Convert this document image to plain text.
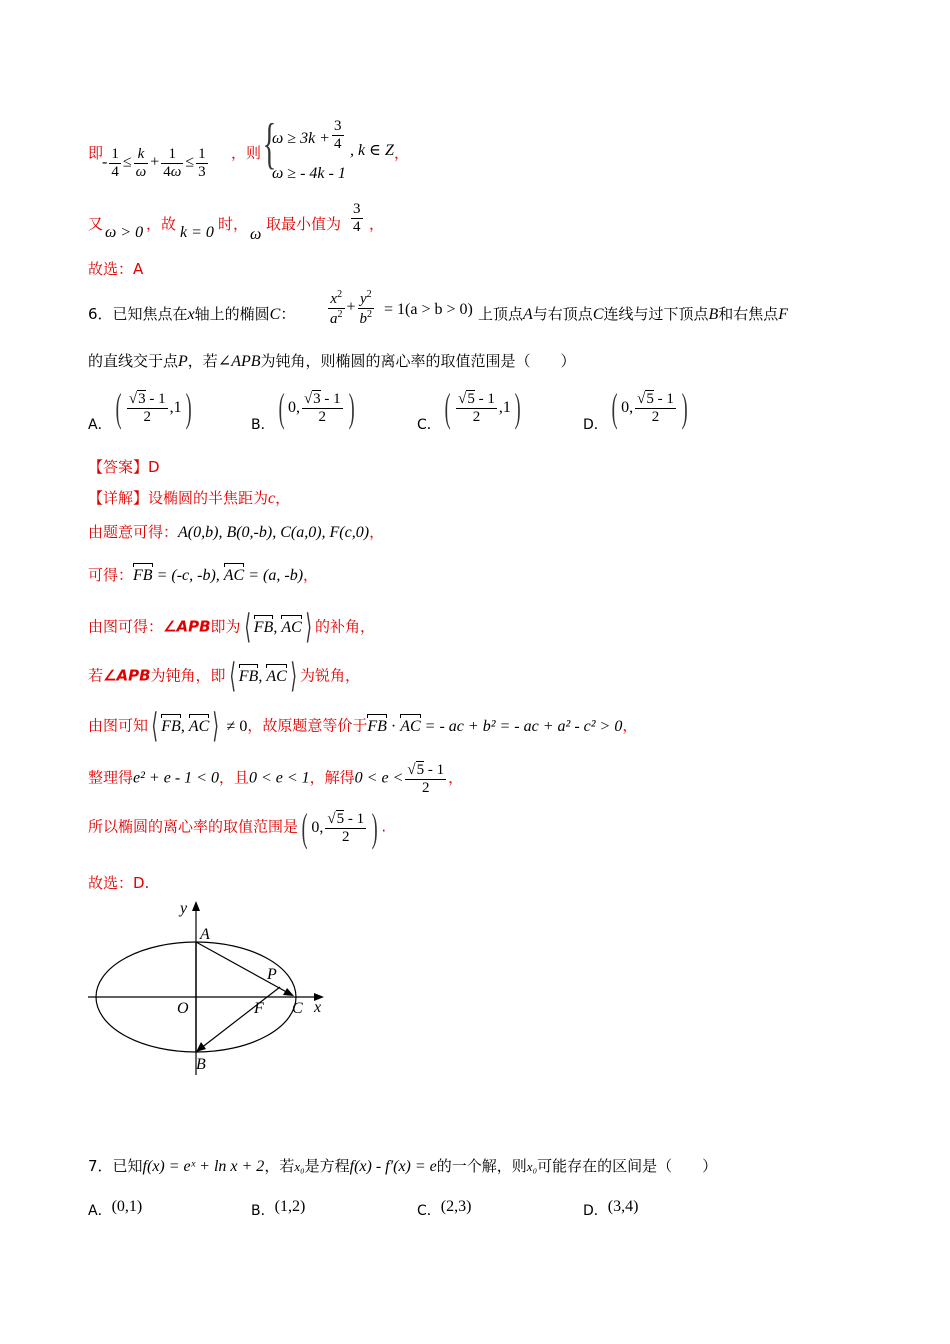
即
- $\frac{1}{4} \le \frac{k}{\omega} + \frac{1}{4\omega} \le \frac{1}{3}$ ，则 {
$\omega \ge 3k + \frac{3}{4}$ , k ∈ Z ，
ω ≥ - 4k - 1
又 ω > 0 ，故 k = 0 时，
ω
取最小值为 $\frac{3}{4}$ ，
故选：A
6．已知焦点在x轴上的椭圆C： $\frac{x^2}{a^2} + \frac{y^2}{b^2} = 1(a > b > 0)$ 上顶点A与右顶点C连线与过下顶点B和右焦点F
的直线交于点P，若∠APB为钝角，则椭圆的离心率的取值范围是（　　）
A．( $\frac{√3 - 1}{2} ,1$)	B．( 0, $\frac{√3 - 1}{2}$ )	C．( $\frac{√5 - 1}{2} ,1$)	D．( 0, $\frac{√5 - 1}{2}$ )
【答案】D
【详解】设椭圆的半焦距为c，
由题意可得：A(0,b), B(0,-b), C(a,0), F(c,0)，
可得：FB = (-c, -b), AC = (a, -b)，
由图可得：∠APB即为⟨ FB, AC⟩ 的补角，
若∠APB为钝角，即⟨ FB, AC⟩ 为锐角，
由图可知⟨ FB, AC⟩ ≠ 0，故原题意等价于FB · AC = - ac + b² = - ac + a² - c² > 0，
整理得e² + e - 1 < 0，且0 < e < 1，解得$0 < e < \frac{√5 - 1}{2}$ ，
所以椭圆的离心率的取值范围是( 0, $\frac{√5 - 1}{2}$ ) .
故选：D.
y
x
A
B
C
O	F
P
7．已知f(x) = eˣ + ln x + 2，若x₀是方程f(x) - f′(x) = e的一个解，则x₀可能存在的区间是（　　）
A．(0,1)	B．(1,2)	C．(2,3)	D．(3,4)
